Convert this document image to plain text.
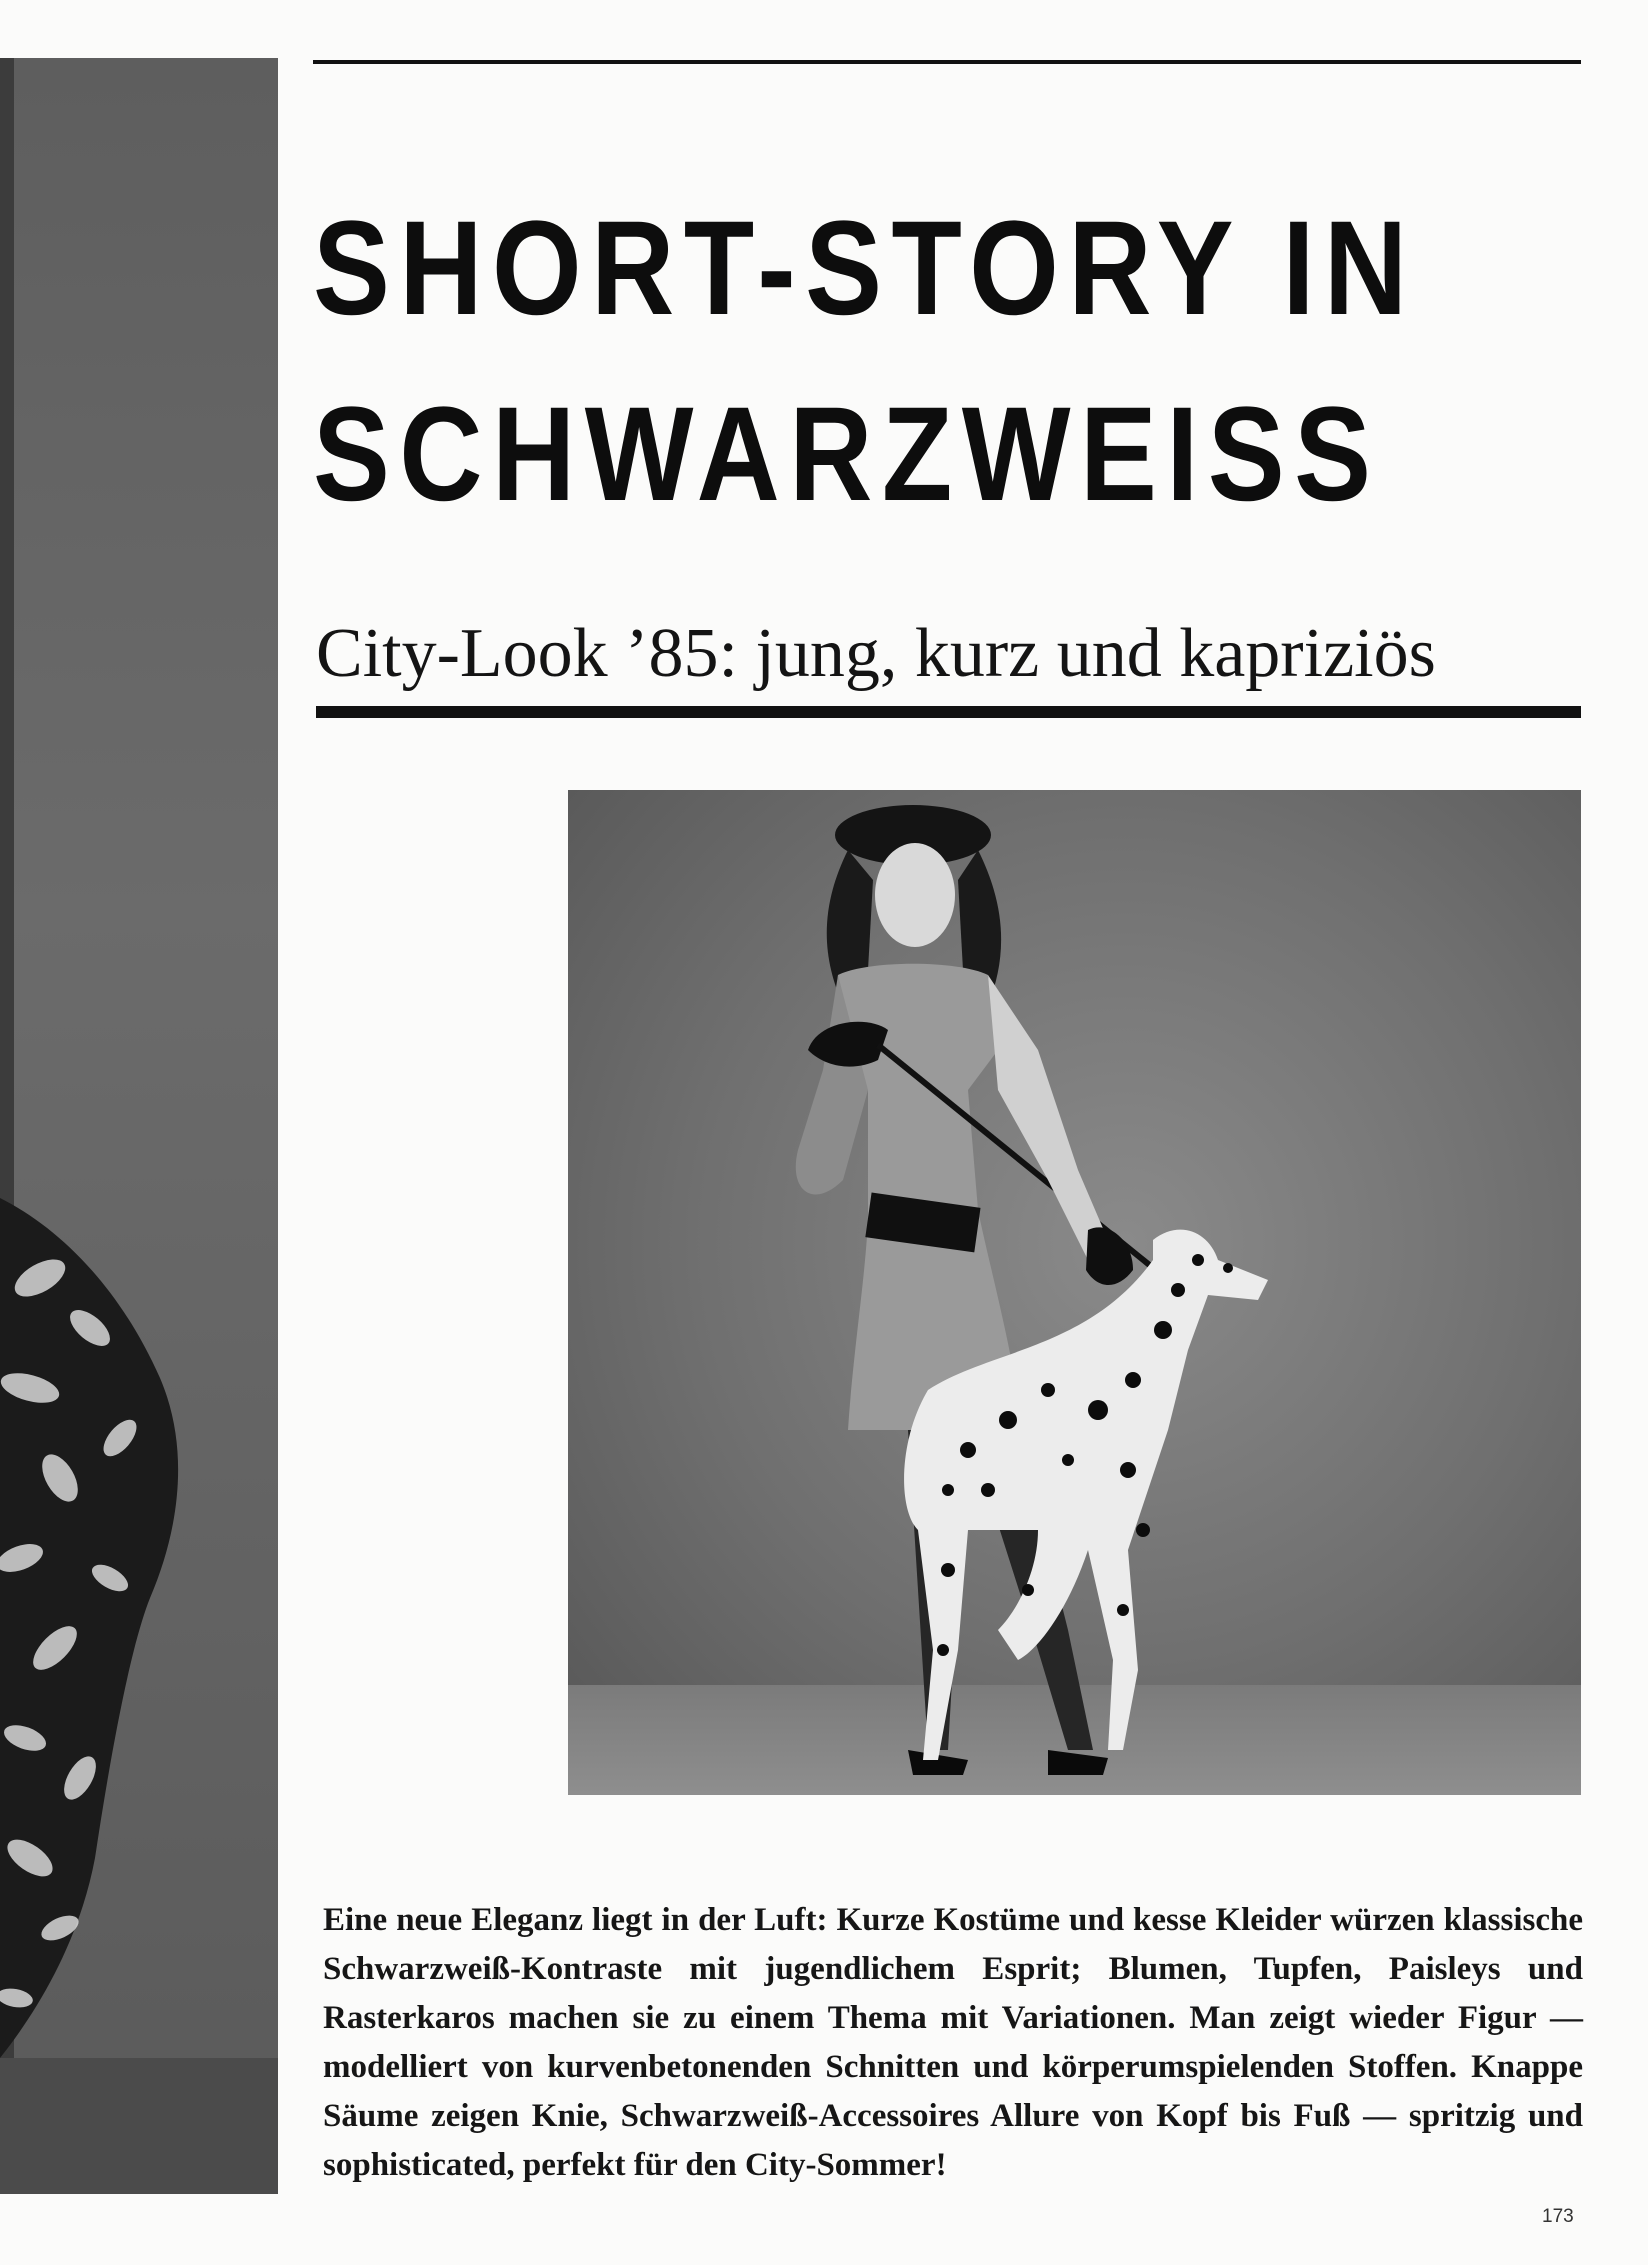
SHORT-STORY IN
SCHWARZWEISS
City-Look ’85: jung, kurz und kapriziös

Eine neue Eleganz liegt in der Luft: Kurze Kostüme und kesse Kleider würzen klassische Schwarzweiß-Kontraste mit jugendlichem Esprit; Blumen, Tupfen, Paisleys und Rasterkaros machen sie zu einem Thema mit Variationen. Man zeigt wieder Figur — modelliert von kurvenbetonenden Schnitten und körperumspielenden Stoffen. Knappe Säume zeigen Knie, Schwarzweiß-Accessoires Allure von Kopf bis Fuß — spritzig und sophisticated, perfekt für den City-Sommer!

173
